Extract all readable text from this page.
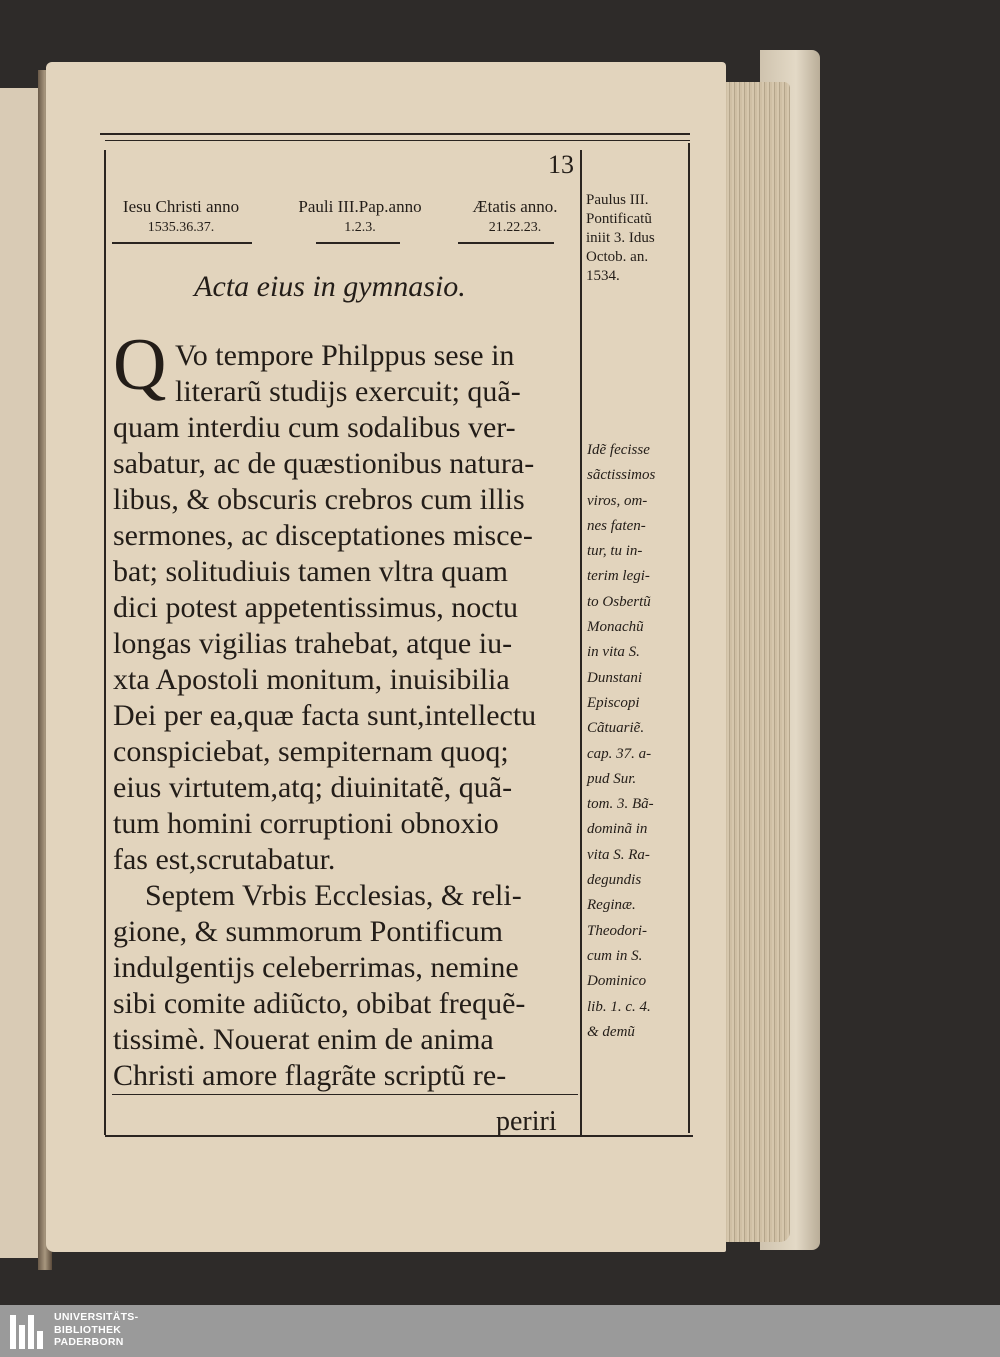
13
Iesu Christi anno
1535.36.37.
Pauli III.Pap.anno
1.2.3.
Ætatis anno.
21.22.23.
Acta eius in gymnasio.
Q Vo tempore Philppus sese in
literarũ studijs exercuit; quã-
quam interdiu cum sodalibus ver-
sabatur, ac de quæstionibus natura-
libus, & obscuris crebros cum illis
sermones, ac disceptationes misce-
bat; solitudiuis tamen vltra quam
dici potest appetentissimus, noctu
longas vigilias trahebat, atque iu-
xta Apostoli monitum, inuisibilia
Dei per ea,quæ facta sunt,intellectu
conspiciebat, sempiternam quoq;
eius virtutem,atq; diuinitatẽ, quã-
tum homini corruptioni obnoxio
fas est,scrutabatur.
Septem Vrbis Ecclesias, & reli-
gione, & summorum Pontificum
indulgentijs celeberrimas, nemine
sibi comite adiũcto, obibat frequẽ-
tissimè. Nouerat enim de anima
Christi amore flagrãte scriptũ re-
periri
Paulus III.
Pontificatũ
iniit 3. Idus
Octob. an.
1534.
Idẽ fecisse
sãctissimos
viros, om-
nes faten-
tur, tu in-
terim legi-
to Osbertũ
Monachũ
in vita S.
Dunstani
Episcopi
Cãtuariẽ.
cap. 37. a-
pud Sur.
tom. 3. Bã-
dominã in
vita S. Ra-
degundis
Reginæ.
Theodori-
cum in S.
Dominico
lib. 1. c. 4.
& demũ
UNIVERSITÄTS-
BIBLIOTHEK
PADERBORN
